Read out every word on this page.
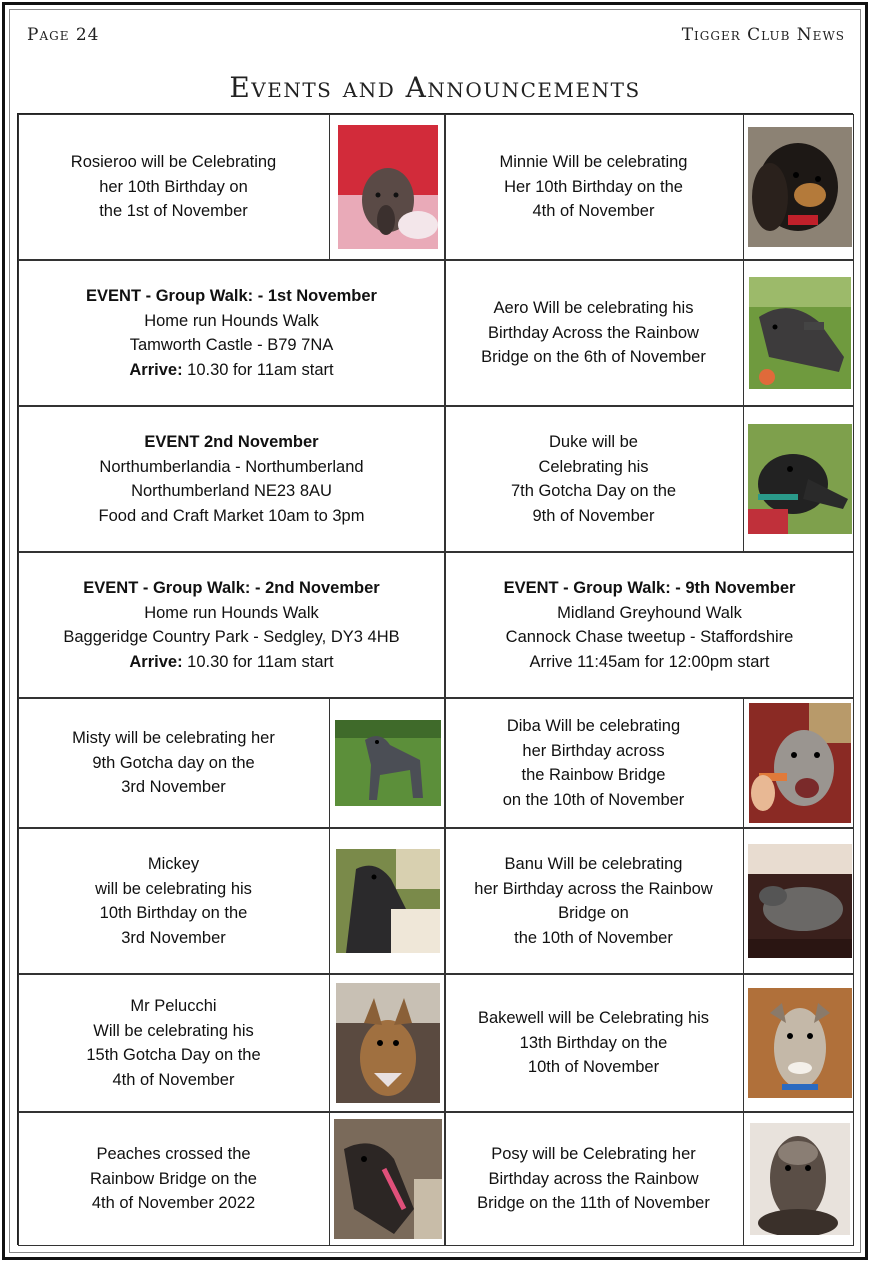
Page 24	Tigger Club News
Events and Announcements
Rosieroo will be Celebrating
her 10th Birthday on
the 1st of November
Minnie Will be celebrating
Her 10th Birthday on the
4th of November
EVENT - Group Walk: - 1st November
Home run Hounds Walk
Tamworth Castle - B79 7NA
Arrive: 10.30 for 11am start
Aero Will be celebrating his
Birthday Across the Rainbow
Bridge on the 6th of November
EVENT 2nd November
Northumberlandia - Northumberland
Northumberland NE23 8AU
Food and Craft Market 10am to 3pm
Duke will be
Celebrating his
7th Gotcha Day on the
9th of November
EVENT - Group Walk: - 2nd November
Home run Hounds Walk
Baggeridge Country Park - Sedgley, DY3 4HB
Arrive: 10.30 for 11am start
EVENT - Group Walk: - 9th November
Midland Greyhound Walk
Cannock Chase tweetup - Staffordshire
Arrive 11:45am for 12:00pm start
Misty will be celebrating her
9th Gotcha day on the
3rd November
Diba Will be celebrating
her Birthday across
the Rainbow Bridge
on the 10th of November
Mickey
will be celebrating his
10th Birthday on the
3rd November
Banu Will be celebrating
her Birthday across the Rainbow
Bridge on
the 10th of November
Mr Pelucchi
Will be celebrating his
15th Gotcha Day on the
4th of November
Bakewell will be Celebrating his
13th Birthday on the
10th of November
Peaches crossed the
Rainbow Bridge on the
4th of November 2022
Posy will be Celebrating her
Birthday across the Rainbow
Bridge on the 11th of November
